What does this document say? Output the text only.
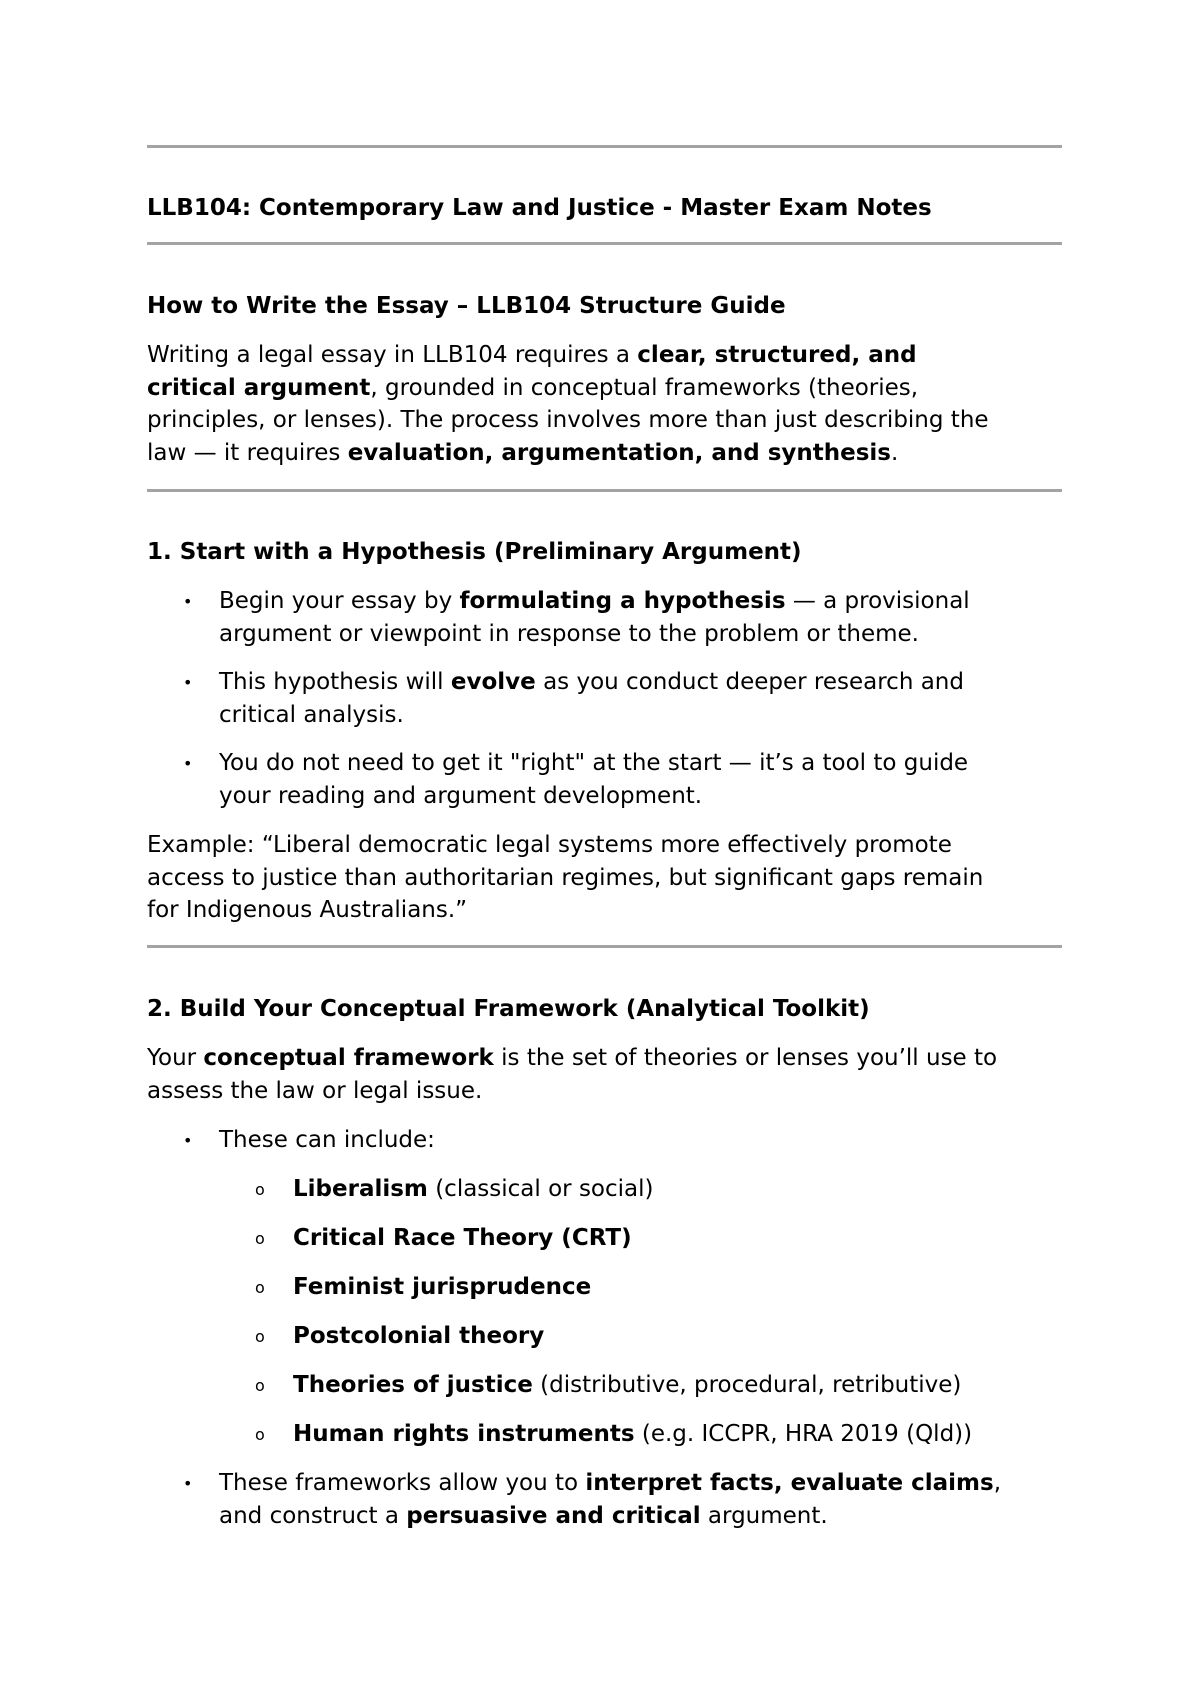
LLB104: Contemporary Law and Justice - Master Exam Notes
How to Write the Essay – LLB104 Structure Guide
Writing a legal essay in LLB104 requires a clear, structured, and
critical argument, grounded in conceptual frameworks (theories,
principles, or lenses). The process involves more than just describing the
law — it requires evaluation, argumentation, and synthesis.
1. Start with a Hypothesis (Preliminary Argument)
• Begin your essay by formulating a hypothesis — a provisional
argument or viewpoint in response to the problem or theme.
• This hypothesis will evolve as you conduct deeper research and
critical analysis.
• You do not need to get it "right" at the start — it’s a tool to guide
your reading and argument development.
Example: “Liberal democratic legal systems more effectively promote
access to justice than authoritarian regimes, but significant gaps remain
for Indigenous Australians.”
2. Build Your Conceptual Framework (Analytical Toolkit)
Your conceptual framework is the set of theories or lenses you’ll use to
assess the law or legal issue.
• These can include:
o Liberalism (classical or social)
o Critical Race Theory (CRT)
o Feminist jurisprudence
o Postcolonial theory
o Theories of justice (distributive, procedural, retributive)
o Human rights instruments (e.g. ICCPR, HRA 2019 (Qld))
• These frameworks allow you to interpret facts, evaluate claims,
and construct a persuasive and critical argument.
